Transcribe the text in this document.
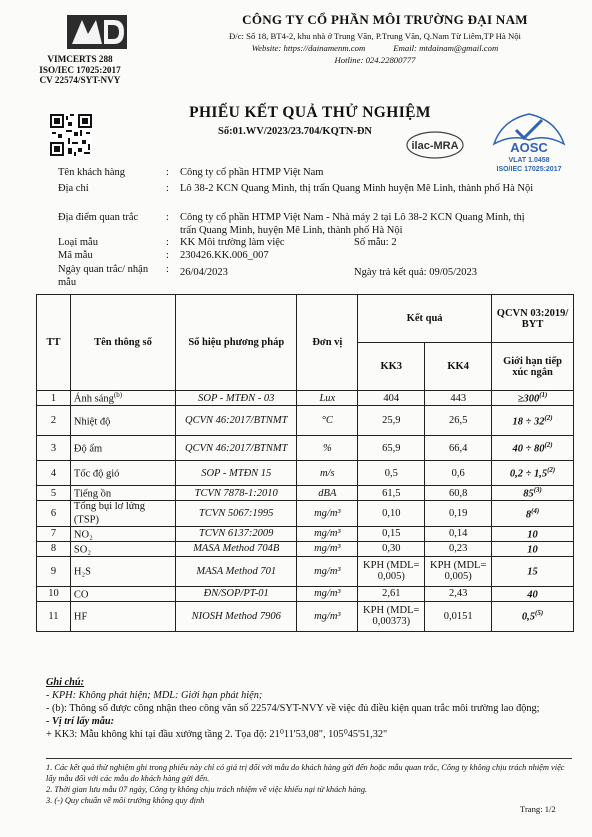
VIMCERTS 288
ISO/IEC 17025:2017
CV 22574/SYT-NVY
CÔNG TY CỔ PHẦN MÔI TRƯỜNG ĐẠI NAM
Đ/c: Số 18, BT4-2, khu nhà ở Trung Văn, P.Trung Văn, Q.Nam Từ Liêm,TP Hà Nội
Website: https://dainamenm.com	Email: mtdainam@gmail.com
Hotline: 024.22800777
PHIẾU KẾT QUẢ THỬ NGHIỆM
Số:01.WV/2023/23.704/KQTN-ĐN
ilac-MRA	AOSC
VLAT 1.0458
ISO/IEC 17025:2017
Tên khách hàng	: Công ty cổ phần HTMP Việt Nam
Địa chỉ	: Lô 38-2 KCN Quang Minh, thị trấn Quang Minh huyện Mê Linh, thành phố Hà Nội
Địa điểm quan trắc	: Công ty cổ phần HTMP Việt Nam - Nhà máy 2 tại Lô 38-2 KCN Quang Minh, thị trấn Quang Minh, huyện Mê Linh, thành phố Hà Nội
Loại mẫu	: KK Môi trường làm việc	Số mẫu: 2
Mã mẫu	: 230426.KK.006_007
Ngày quan trắc/ nhận mẫu
: 26/04/2023	Ngày trả kết quả: 09/05/2023
TT	Tên thông số	Số hiệu phương pháp	Đơn vị	Kết quả		QCVN 03:2019/ BYT
				KK3	KK4	Giới hạn tiếp xúc ngắn
1	Ánh sáng$^{(b)}$	SOP - MTĐN - 03	Lux	404	443	$\ge 300^{(1)}$
2	Nhiệt độ	QCVN 46:2017/BTNMT	°C	25,9	26,5	$18 \div 32^{(2)}$
3	Độ ẩm	QCVN 46:2017/BTNMT	%	65,9	66,4	$40 \div 80^{(2)}$
4	Tốc độ gió	SOP - MTĐN 15	m/s	0,5	0,6	$0,2 \div 1,5^{(2)}$
5	Tiếng ồn	TCVN 7878-1:2010	dBA	61,5	60,8	85$^{(3)}$
6	Tổng bụi lơ lửng (TSP)	TCVN 5067:1995	mg/m³	0,10	0,19	8$^{(4)}$
7	NO₂	TCVN 6137:2009	mg/m³	0,15	0,14	10
8	SO₂	MASA Method 704B	mg/m³	0,30	0,23	10
9	H₂S	MASA Method 701	mg/m³	KPH (MDL= 0,005)	KPH (MDL= 0,005)	15
10	CO	ĐN/SOP/PT-01	mg/m³	2,61	2,43	40
11	HF	NIOSH Method 7906	mg/m³	KPH (MDL= 0,00373)	0,0151	0,5$^{(5)}$
Ghi chú:
- KPH: Không phát hiện; MDL: Giới hạn phát hiện;
- (b): Thông số được công nhận theo công văn số 22574/SYT-NVY về việc đủ điều kiện quan trắc môi trường lao động;
- Vị trí lấy mẫu:
+ KK3: Mẫu không khí tại đầu xưởng tầng 2. Tọa độ: 21⁰11'53,08", 105⁰45'51,32"
1. Các kết quả thử nghiệm ghi trong phiếu này chỉ có giá trị đối với mẫu do khách hàng gửi đến hoặc mẫu quan trắc, Công ty không chịu trách nhiệm việc lấy mẫu đối với các mẫu do khách hàng gửi đến.
2. Thời gian lưu mẫu 07 ngày, Công ty không chịu trách nhiệm về việc khiếu nại từ khách hàng.
3. (-) Quy chuẩn về môi trường không quy định
Trang: 1/2
